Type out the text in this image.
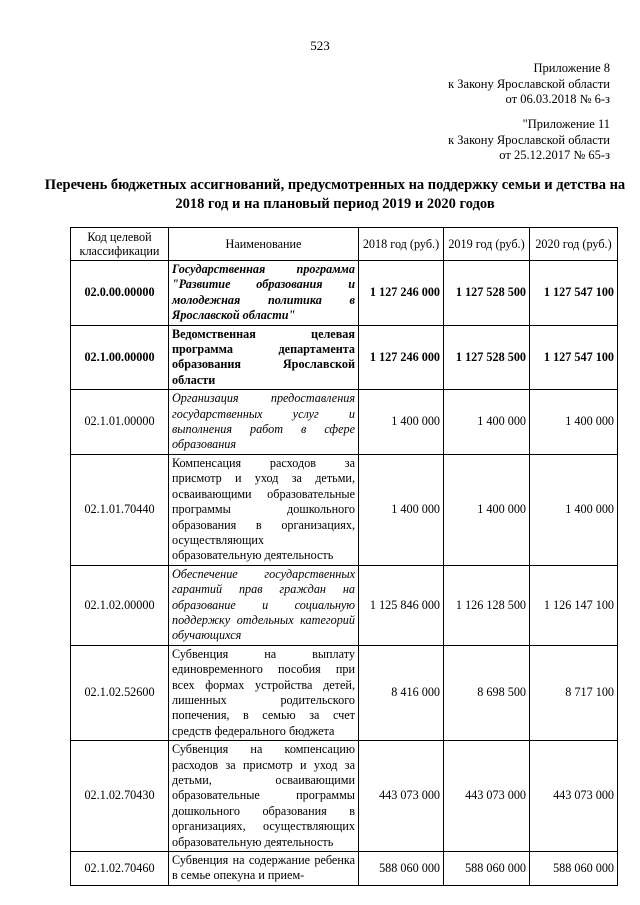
523
Приложение 8
к Закону Ярославской области
от 06.03.2018 № 6-з
"Приложение 11
к Закону Ярославской области
от 25.12.2017 № 65-з
Перечень бюджетных ассигнований, предусмотренных на поддержку семьи и детства на 2018 год и на плановый период 2019 и 2020 годов
Код целевой классификации	Наименование	2018 год (руб.)	2019 год (руб.)	2020 год (руб.)
02.0.00.00000	Государственная программа "Развитие образования и молодежная политика в Ярославской области"	1 127 246 000	1 127 528 500	1 127 547 100
02.1.00.00000	Ведомственная целевая программа департамента образования Ярославской области	1 127 246 000	1 127 528 500	1 127 547 100
02.1.01.00000	Организация предоставления государственных услуг и выполнения работ в сфере образования	1 400 000	1 400 000	1 400 000
02.1.01.70440	Компенсация расходов за присмотр и уход за детьми, осваивающими образовательные программы дошкольного образования в организациях, осуществляющих образовательную деятельность	1 400 000	1 400 000	1 400 000
02.1.02.00000	Обеспечение государственных гарантий прав граждан на образование и социальную поддержку отдельных категорий обучающихся	1 125 846 000	1 126 128 500	1 126 147 100
02.1.02.52600	Субвенция на выплату единовременного пособия при всех формах устройства детей, лишенных родительского попечения, в семью за счет средств федерального бюджета	8 416 000	8 698 500	8 717 100
02.1.02.70430	Субвенция на компенсацию расходов за присмотр и уход за детьми, осваивающими образовательные программы дошкольного образования в организациях, осуществляющих образовательную деятельность	443 073 000	443 073 000	443 073 000
02.1.02.70460	Субвенция на содержание ребенка в семье опекуна и прием-	588 060 000	588 060 000	588 060 000
